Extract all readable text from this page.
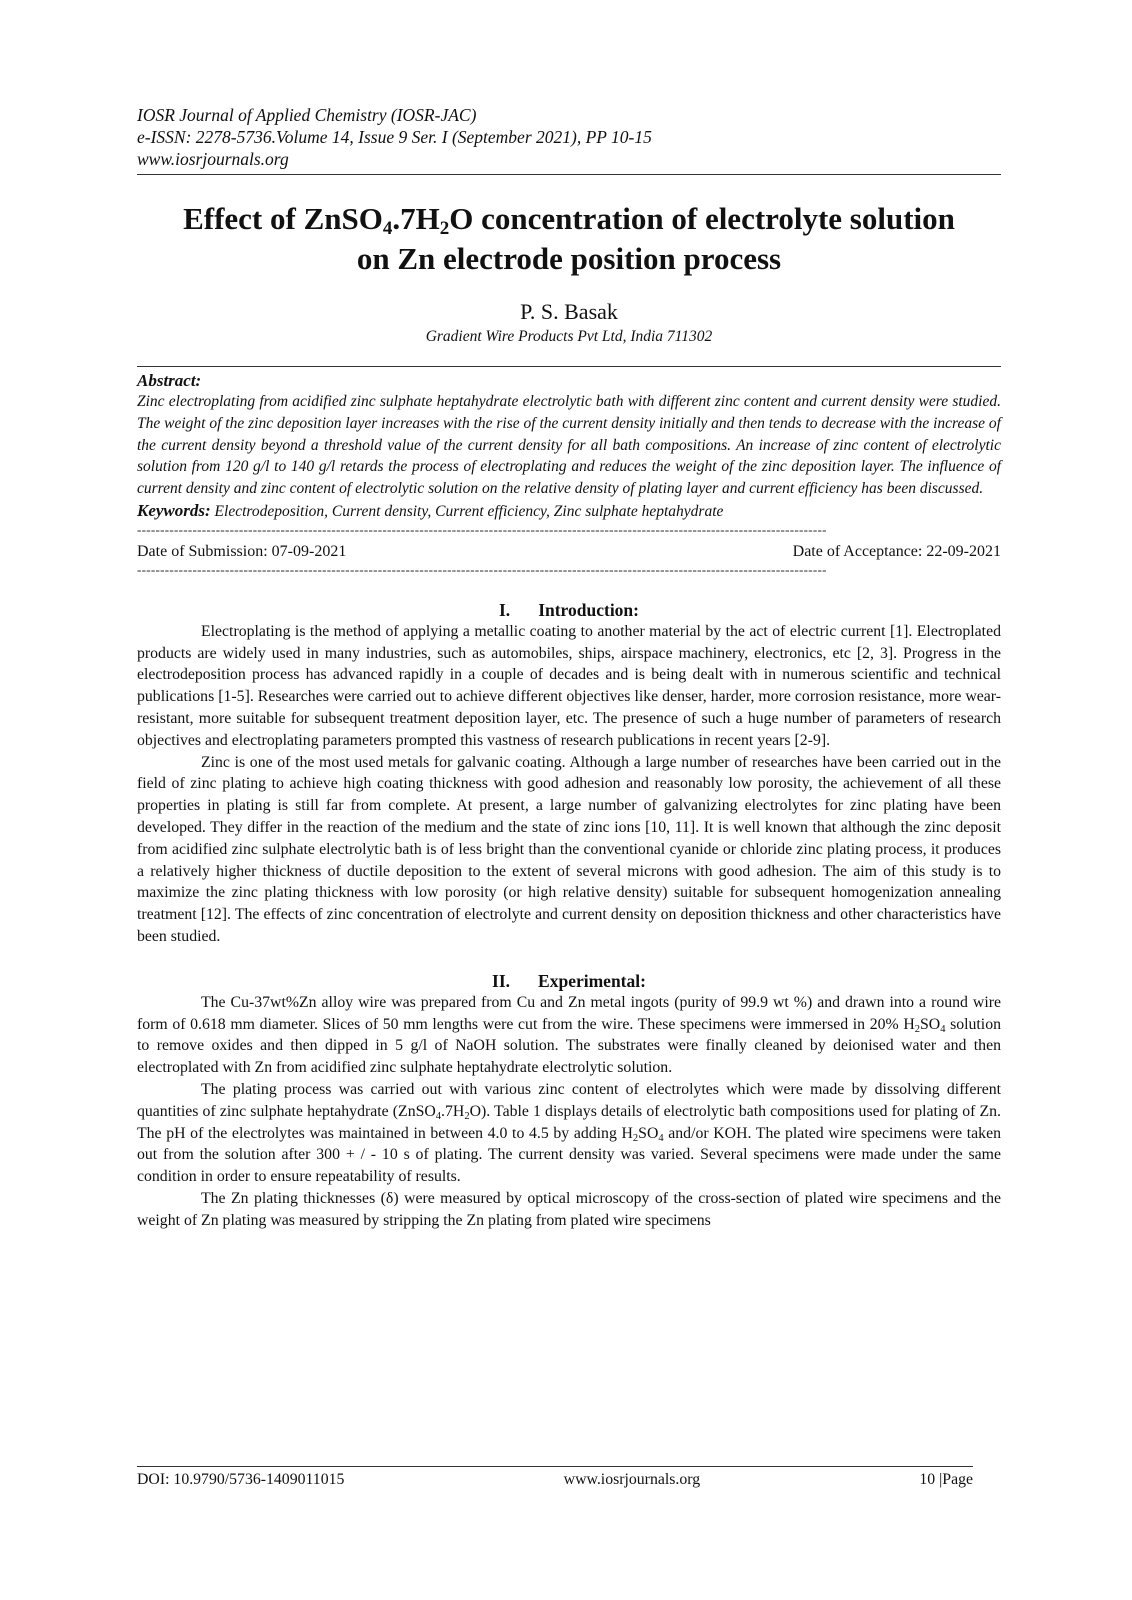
IOSR Journal of Applied Chemistry (IOSR-JAC)
e-ISSN: 2278-5736.Volume 14, Issue 9 Ser. I (September 2021), PP 10-15
www.iosrjournals.org
Effect of $ZnSO_4.7H_2O$ concentration of electrolyte solution
on Zn electrode position process
P. S. Basak
Gradient Wire Products Pvt Ltd, India 711302
Abstract:
Zinc electroplating from acidified zinc sulphate heptahydrate electrolytic bath with different zinc content and current density were studied. The weight of the zinc deposition layer increases with the rise of the current density initially and then tends to decrease with the increase of the current density beyond a threshold value of the current density for all bath compositions. An increase of zinc content of electrolytic solution from 120 g/l to 140 g/l retards the process of electroplating and reduces the weight of the zinc deposition layer. The influence of current density and zinc content of electrolytic solution on the relative density of plating layer and current efficiency has been discussed.
Keywords: Electrodeposition, Current density, Current efficiency, Zinc sulphate heptahydrate
-----------------------------------------------------------------------------------------------------------------------------------------------------
Date of Submission: 07-09-2021	Date of Acceptance: 22-09-2021
-----------------------------------------------------------------------------------------------------------------------------------------------------
I. Introduction:

Electroplating is the method of applying a metallic coating to another material by the act of electric current [1]. Electroplated products are widely used in many industries, such as automobiles, ships, airspace machinery, electronics, etc [2, 3]. Progress in the electrodeposition process has advanced rapidly in a couple of decades and is being dealt with in numerous scientific and technical publications [1-5]. Researches were carried out to achieve different objectives like denser, harder, more corrosion resistance, more wear-resistant, more suitable for subsequent treatment deposition layer, etc. The presence of such a huge number of parameters of research objectives and electroplating parameters prompted this vastness of research publications in recent years [2-9].

Zinc is one of the most used metals for galvanic coating. Although a large number of researches have been carried out in the field of zinc plating to achieve high coating thickness with good adhesion and reasonably low porosity, the achievement of all these properties in plating is still far from complete. At present, a large number of galvanizing electrolytes for zinc plating have been developed. They differ in the reaction of the medium and the state of zinc ions [10, 11]. It is well known that although the zinc deposit from acidified zinc sulphate electrolytic bath is of less bright than the conventional cyanide or chloride zinc plating process, it produces a relatively higher thickness of ductile deposition to the extent of several microns with good adhesion. The aim of this study is to maximize the zinc plating thickness with low porosity (or high relative density) suitable for subsequent homogenization annealing treatment [12]. The effects of zinc concentration of electrolyte and current density on deposition thickness and other characteristics have been studied.

II. Experimental:

The Cu-37wt%Zn alloy wire was prepared from Cu and Zn metal ingots (purity of 99.9 wt %) and drawn into a round wire form of 0.618 mm diameter. Slices of 50 mm lengths were cut from the wire. These specimens were immersed in 20% $H_2SO_4$ solution to remove oxides and then dipped in 5 g/l of NaOH solution. The substrates were finally cleaned by deionised water and then electroplated with Zn from acidified zinc sulphate heptahydrate electrolytic solution.

The plating process was carried out with various zinc content of electrolytes which were made by dissolving different quantities of zinc sulphate heptahydrate $(ZnSO_4.7H_2O)$. Table 1 displays details of electrolytic bath compositions used for plating of Zn. The pH of the electrolytes was maintained in between 4.0 to 4.5 by adding $H_2SO_4$ and/or KOH. The plated wire specimens were taken out from the solution after 300 + / - 10 s of plating. The current density was varied. Several specimens were made under the same condition in order to ensure repeatability of results.

The Zn plating thicknesses (δ) were measured by optical microscopy of the cross-section of plated wire specimens and the weight of Zn plating was measured by stripping the Zn plating from plated wire specimens

DOI: 10.9790/5736-1409011015	www.iosrjournals.org	10 |Page
